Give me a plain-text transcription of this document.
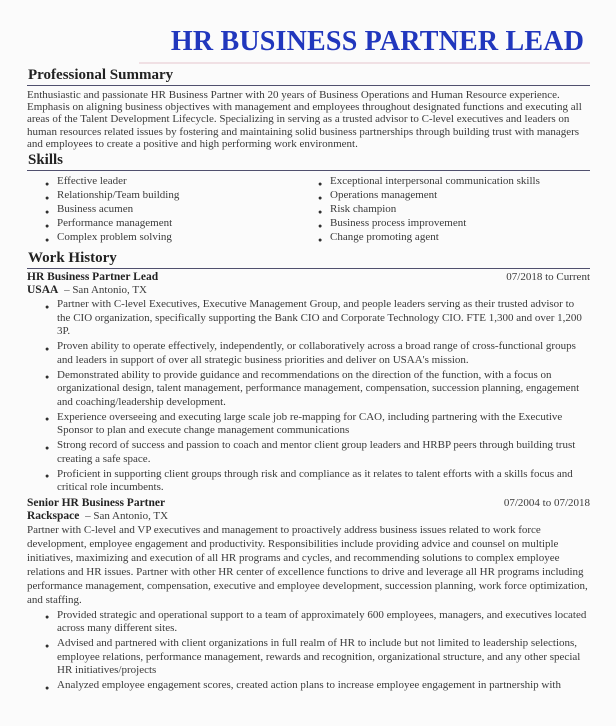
HR BUSINESS PARTNER LEAD
Professional Summary

Enthusiastic and passionate HR Business Partner with 20 years of Business Operations and Human Resource experience. Emphasis on aligning business objectives with management and employees throughout designated functions and executing all areas of the Talent Development Lifecycle. Specializing in serving as a trusted advisor to C-level executives and leaders on human resources related issues by fostering and maintaining solid business partnerships through building trust with managers and employees to create a positive and high performing work environment.

Skills
● Effective leader
● Relationship/Team building
● Business acumen
● Performance management
● Complex problem solving
● Exceptional interpersonal communication skills
● Operations management
● Risk champion
● Business process improvement
● Change promoting agent
Work History
HR Business Partner Lead	07/2018 to Current
USAA – San Antonio, TX
● Partner with C-level Executives, Executive Management Group, and people leaders serving as their trusted advisor to the CIO organization, specifically supporting the Bank CIO and Corporate Technology CIO. FTE 1,300 and over 1,200 3P.
● Proven ability to operate effectively, independently, or collaboratively across a broad range of cross-functional groups and leaders in support of over all strategic business priorities and deliver on USAA's mission.
● Demonstrated ability to provide guidance and recommendations on the direction of the function, with a focus on organizational design, talent management, performance management, compensation, succession planning, engagement and coaching/leadership development.
● Experience overseeing and executing large scale job re-mapping for CAO, including partnering with the Executive Sponsor to plan and execute change management communications
● Strong record of success and passion to coach and mentor client group leaders and HRBP peers through building trust creating a safe space.
● Proficient in supporting client groups through risk and compliance as it relates to talent efforts with a skills focus and critical role incumbents.
Senior HR Business Partner	07/2004 to 07/2018
Rackspace – San Antonio, TX

Partner with C-level and VP executives and management to proactively address business issues related to work force development, employee engagement and productivity. Responsibilities include providing advice and counsel on multiple initiatives, maximizing and execution of all HR programs and cycles, and recommending solutions to complex employee relations and HR issues. Partner with other HR center of excellence functions to drive and leverage all HR programs including performance management, compensation, executive and employee development, succession planning, work force optimization, and staffing.

● Provided strategic and operational support to a team of approximately 600 employees, managers, and executives located across many different sites.
● Advised and partnered with client organizations in full realm of HR to include but not limited to leadership selections, employee relations, performance management, rewards and recognition, organizational structure, and any other special HR initiatives/projects
● Analyzed employee engagement scores, created action plans to increase employee engagement in partnership with
